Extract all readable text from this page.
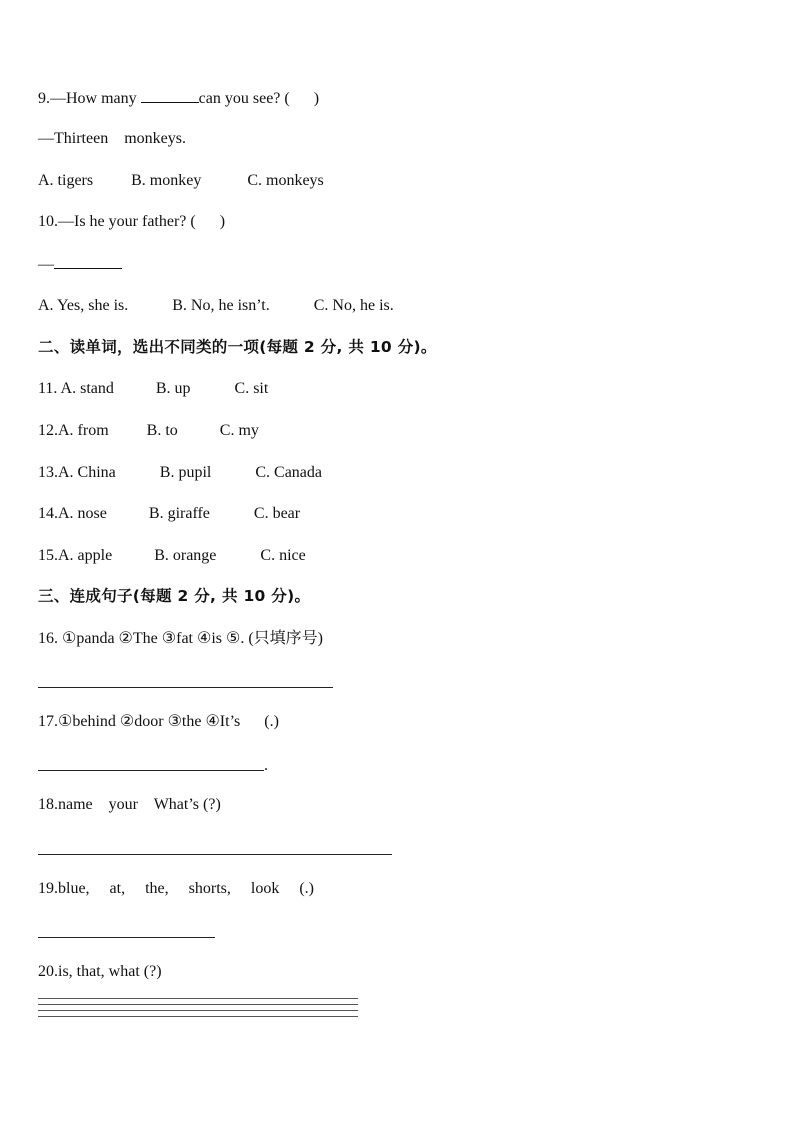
9.—How many	can you see? (      )
—Thirteen    monkeys.
A. tigers B. monkey	C. monkeys
10.—Is he your father? (      )
—
A. Yes, she is.	B. No, he isn’t.	C. No, he is.
二、读单词，选出不同类的一项(每题 2 分, 共 10 分)。
11. A. stand	B. up	C. sit
12.A. from B. to	C. my
13.A. China	B. pupil	C. Canada
14.A. nose	B. giraffe	C. bear
15.A. apple	B. orange	C. nice
三、连成句子(每题 2 分, 共 10 分)。
16. ①panda ②The ③fat ④is ⑤. (只填序号)
17.①behind ②door ③the ④It’s      (.)
.
18.name    your    What’s (?)
19.blue,     at,     the,     shorts,     look     (.)
20.is, that, what (?)
